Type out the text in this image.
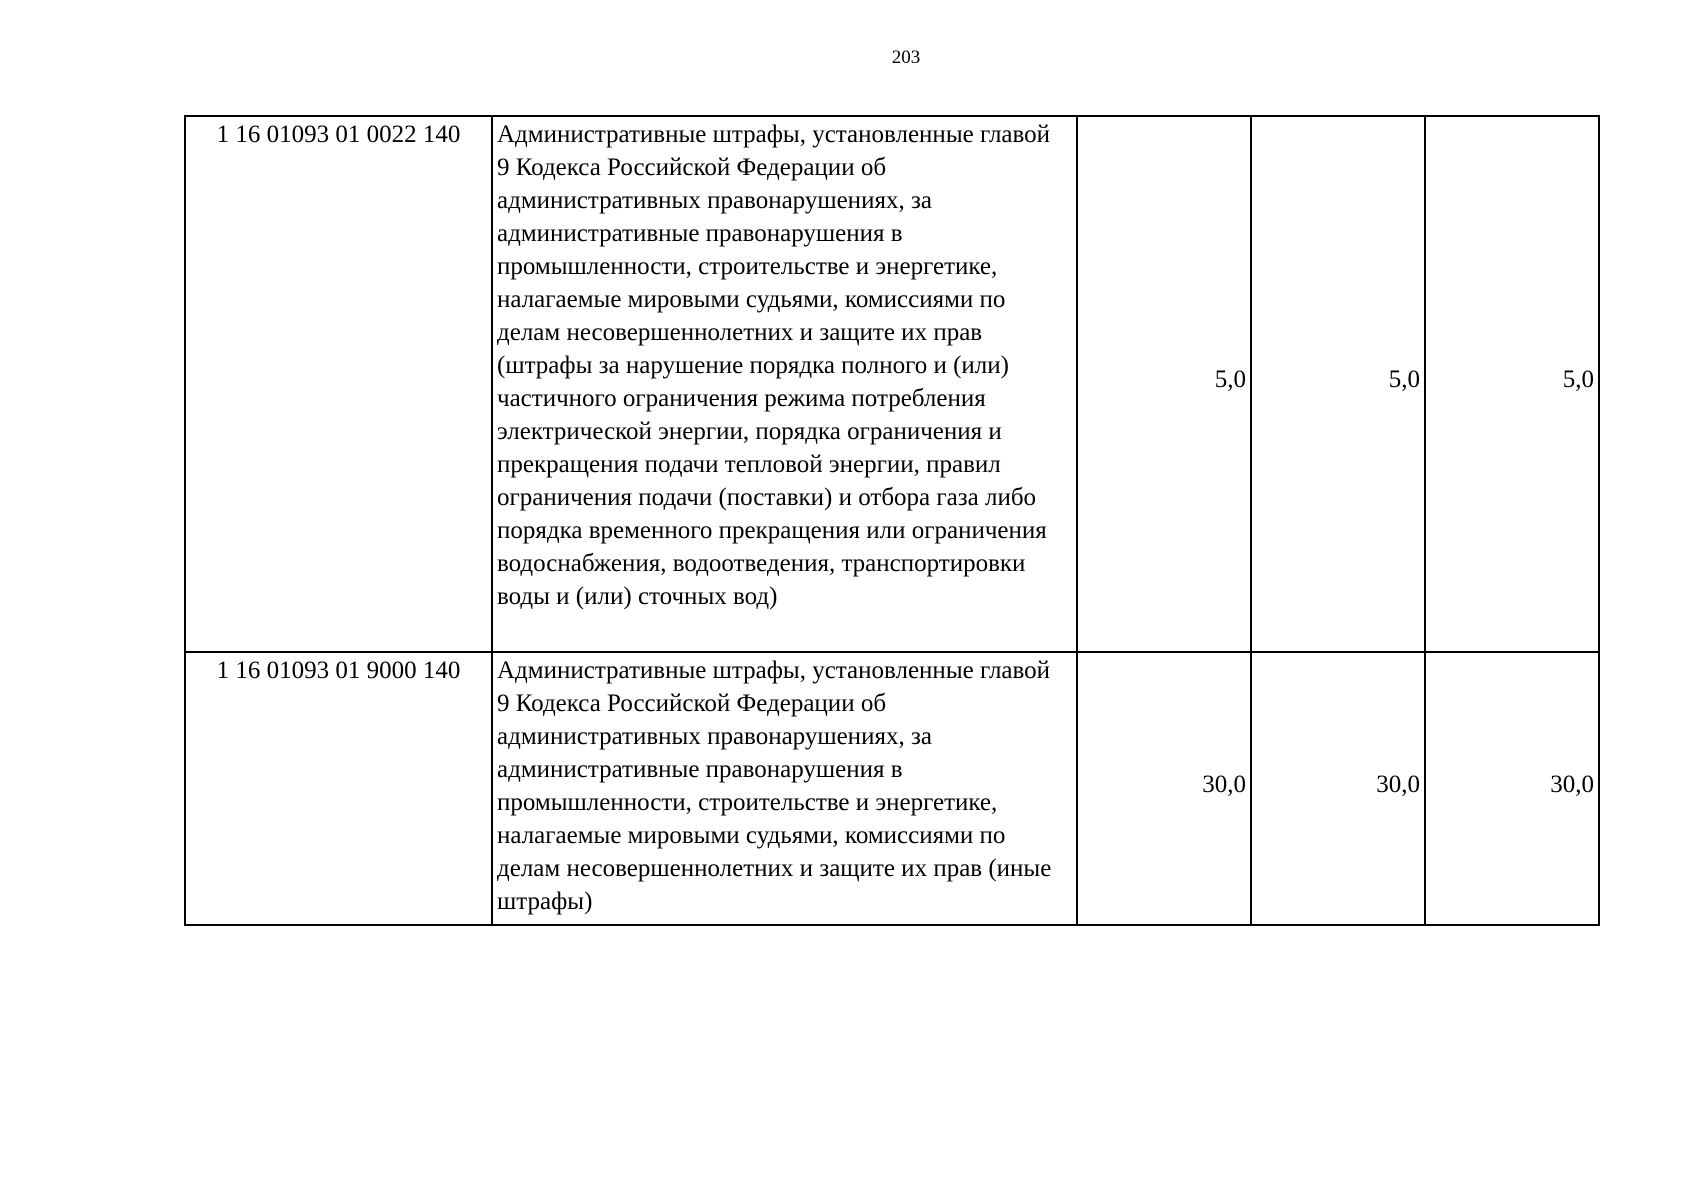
203
1 16 01093 01 0022 140	Административные штрафы, установленные главой 9 Кодекса Российской Федерации об административных правонарушениях, за административные правонарушения в промышленности, строительстве и энергетике, налагаемые мировыми судьями, комиссиями по делам несовершеннолетних и защите их прав (штрафы за нарушение порядка полного и (или) частичного ограничения режима потребления электрической энергии, порядка ограничения и прекращения подачи тепловой энергии, правил ограничения подачи (поставки) и отбора газа либо порядка временного прекращения или ограничения водоснабжения, водоотведения, транспортировки воды и (или) сточных вод)	5,0	5,0	5,0

1 16 01093 01 9000 140	Административные штрафы, установленные главой 9 Кодекса Российской Федерации об административных правонарушениях, за административные правонарушения в промышленности, строительстве и энергетике, налагаемые мировыми судьями, комиссиями по делам несовершеннолетних и защите их прав (иные штрафы)	30,0	30,0	30,0
